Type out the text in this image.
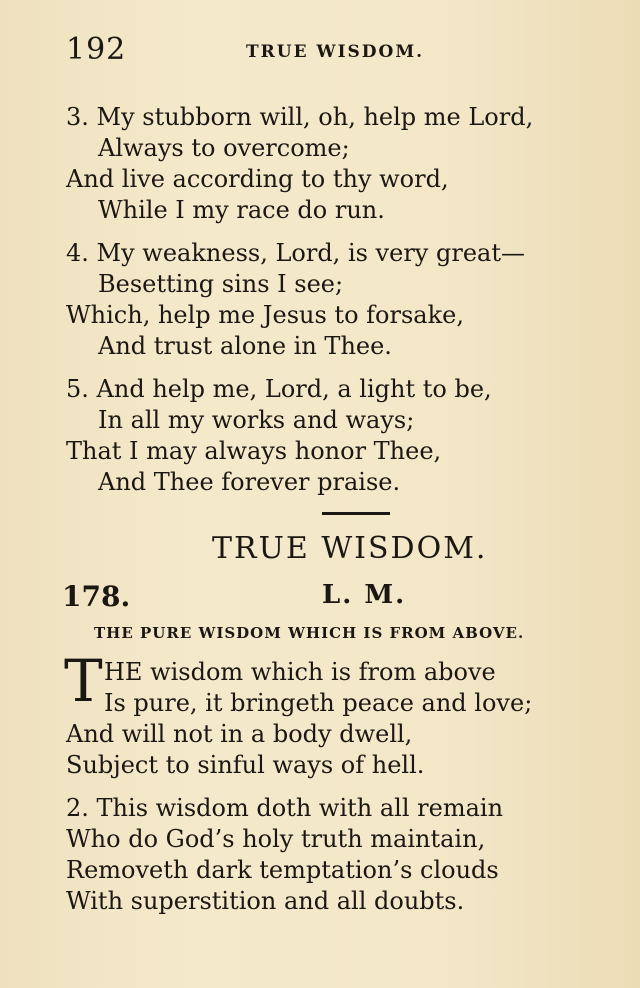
192	TRUE WISDOM.
3. My stubborn will, oh, help me Lord,
Always to overcome;
And live according to thy word,
While I my race do run.
4. My weakness, Lord, is very great—
Besetting sins I see;
Which, help me Jesus to forsake,
And trust alone in Thee.
5. And help me, Lord, a light to be,
In all my works and ways;
That I may always honor Thee,
And Thee forever praise.
TRUE WISDOM.
178.	L. M.
THE PURE WISDOM WHICH IS FROM ABOVE.
T HE wisdom which is from above
Is pure, it bringeth peace and love;
And will not in a body dwell,
Subject to sinful ways of hell.
2. This wisdom doth with all remain
Who do God’s holy truth maintain,
Removeth dark temptation’s clouds
With superstition and all doubts.
